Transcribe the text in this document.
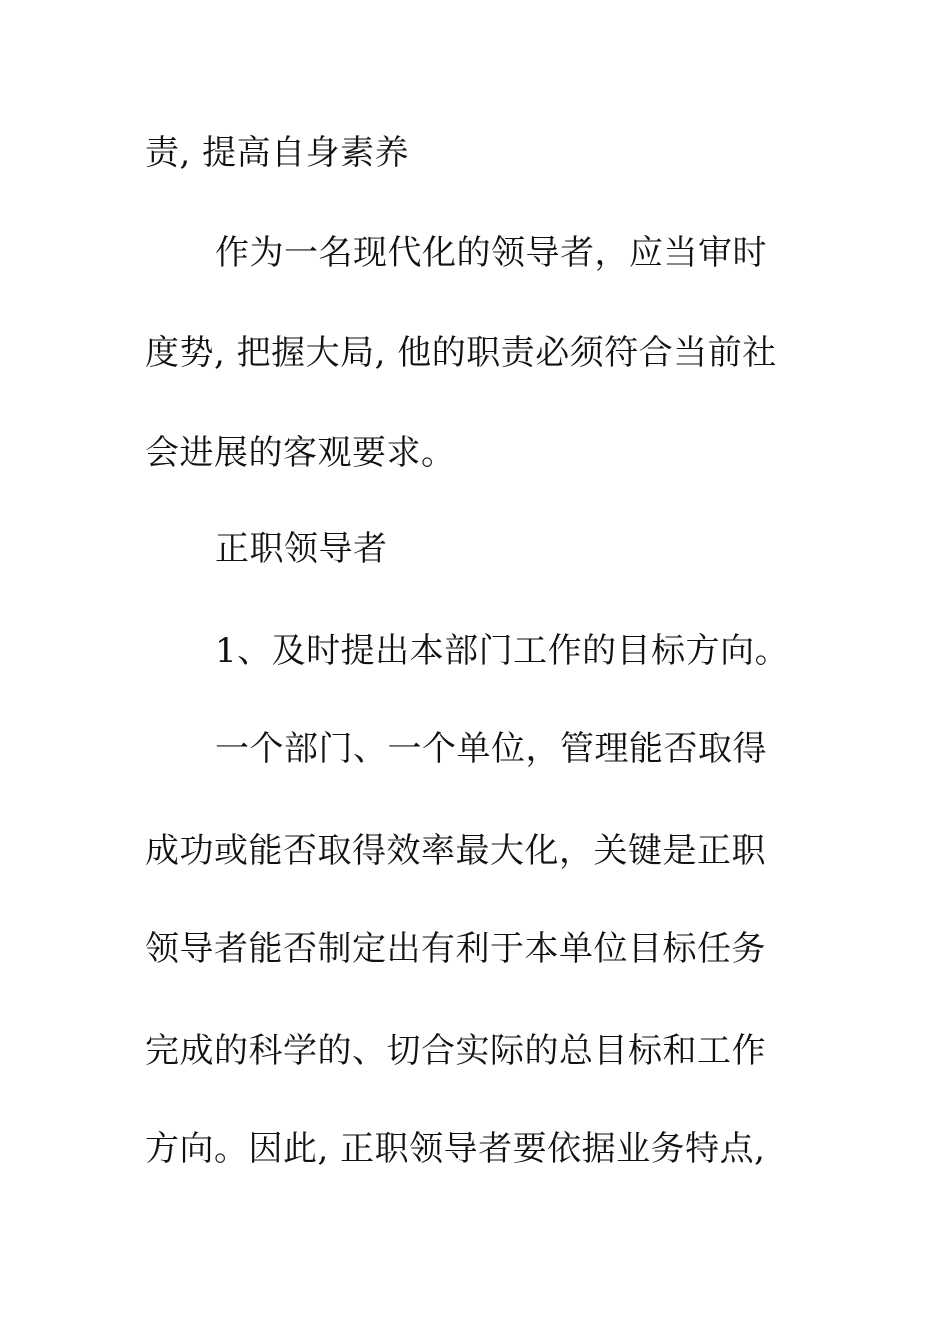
责, 提高自身素养
作为一名现代化的领导者，应当审时
度势, 把握大局, 他的职责必须符合当前社
会进展的客观要求。
正职领导者
1、及时提出本部门工作的目标方向。
一个部门、一个单位，管理能否取得
成功或能否取得效率最大化，关键是正职
领导者能否制定出有利于本单位目标任务
完成的科学的、切合实际的总目标和工作
方向。因此, 正职领导者要依据业务特点,
